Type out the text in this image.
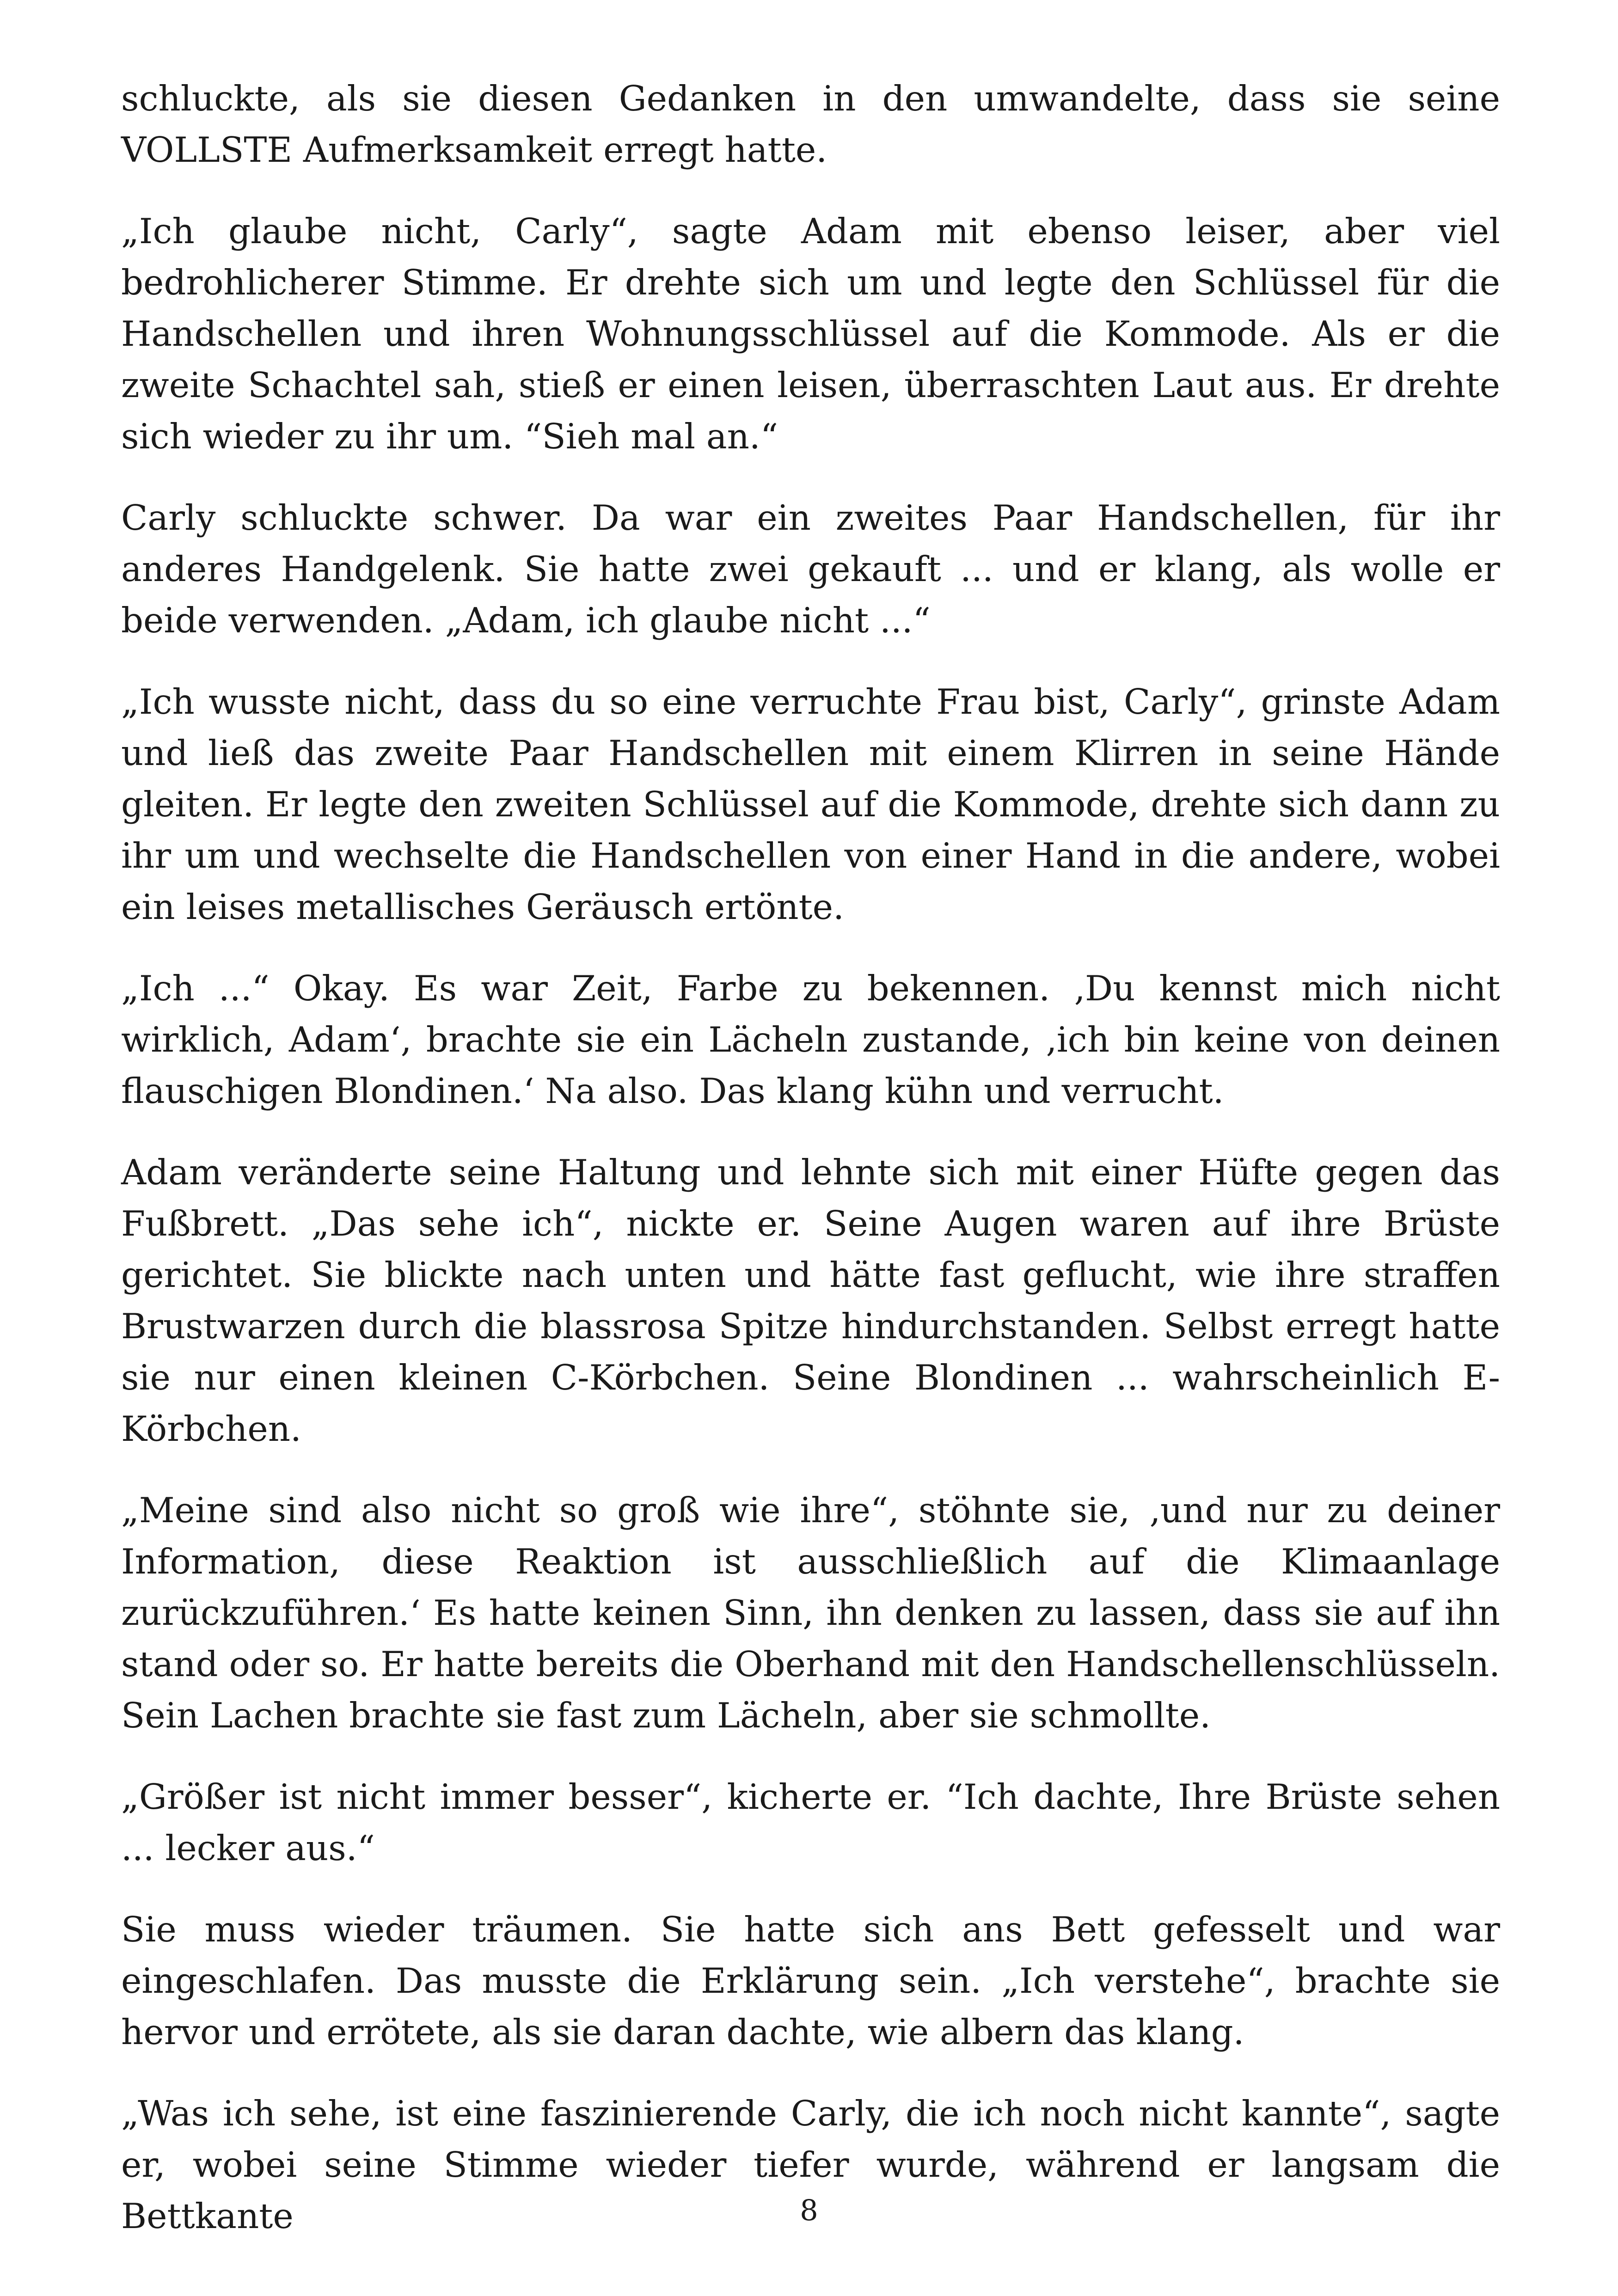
schluckte, als sie diesen Gedanken in den umwandelte, dass sie seine VOLLSTE Aufmerksamkeit erregt hatte.

„Ich glaube nicht, Carly“, sagte Adam mit ebenso leiser, aber viel bedrohlicherer Stimme. Er drehte sich um und legte den Schlüssel für die Handschellen und ihren Wohnungsschlüssel auf die Kommode. Als er die zweite Schachtel sah, stieß er einen leisen, überraschten Laut aus. Er drehte sich wieder zu ihr um. “Sieh mal an.“

Carly schluckte schwer. Da war ein zweites Paar Handschellen, für ihr anderes Handgelenk. Sie hatte zwei gekauft ... und er klang, als wolle er beide verwenden. „Adam, ich glaube nicht ...“

„Ich wusste nicht, dass du so eine verruchte Frau bist, Carly“, grinste Adam und ließ das zweite Paar Handschellen mit einem Klirren in seine Hände gleiten. Er legte den zweiten Schlüssel auf die Kommode, drehte sich dann zu ihr um und wechselte die Handschellen von einer Hand in die andere, wobei ein leises metallisches Geräusch ertönte.

„Ich ...“ Okay. Es war Zeit, Farbe zu bekennen. ‚Du kennst mich nicht wirklich, Adam‘, brachte sie ein Lächeln zustande, ‚ich bin keine von deinen flauschigen Blondinen.‘ Na also. Das klang kühn und verrucht.

Adam veränderte seine Haltung und lehnte sich mit einer Hüfte gegen das Fußbrett. „Das sehe ich“, nickte er. Seine Augen waren auf ihre Brüste gerichtet. Sie blickte nach unten und hätte fast geflucht, wie ihre straffen Brustwarzen durch die blassrosa Spitze hindurchstanden. Selbst erregt hatte sie nur einen kleinen C-Körbchen. Seine Blondinen ... wahrscheinlich E-Körbchen.

„Meine sind also nicht so groß wie ihre“, stöhnte sie, ‚und nur zu deiner Information, diese Reaktion ist ausschließlich auf die Klimaanlage zurückzuführen.‘ Es hatte keinen Sinn, ihn denken zu lassen, dass sie auf ihn stand oder so. Er hatte bereits die Oberhand mit den Handschellenschlüsseln. Sein Lachen brachte sie fast zum Lächeln, aber sie schmollte.

„Größer ist nicht immer besser“, kicherte er. “Ich dachte, Ihre Brüste sehen ... lecker aus.“

Sie muss wieder träumen. Sie hatte sich ans Bett gefesselt und war eingeschlafen. Das musste die Erklärung sein. „Ich verstehe“, brachte sie hervor und errötete, als sie daran dachte, wie albern das klang.

„Was ich sehe, ist eine faszinierende Carly, die ich noch nicht kannte“, sagte er, wobei seine Stimme wieder tiefer wurde, während er langsam die Bettkante	8
